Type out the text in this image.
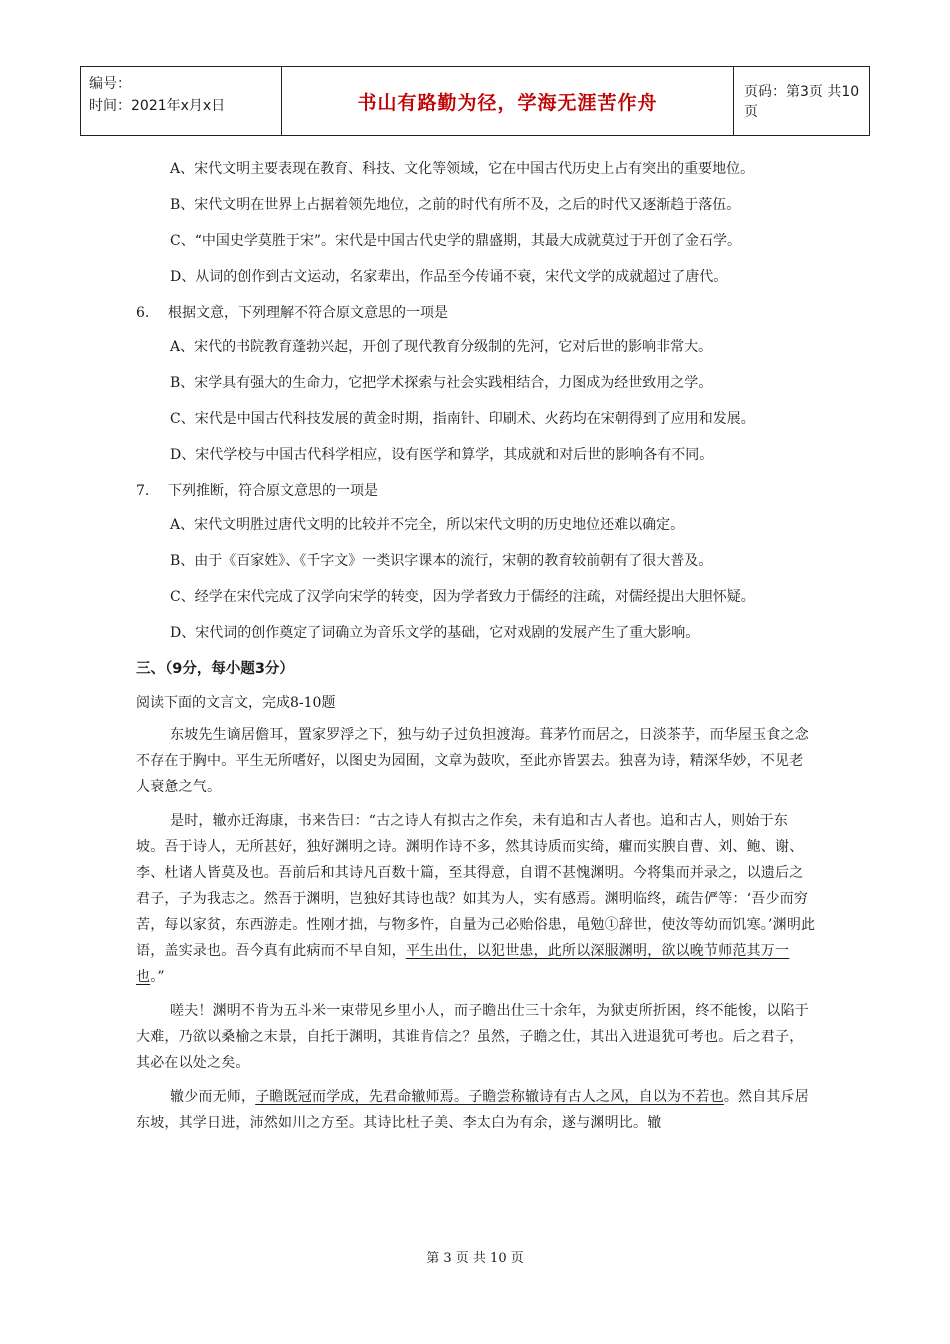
编号：
时间：2021年x月x日	书山有路勤为径，学海无涯苦作舟	页码：第3页 共10页

A、宋代文明主要表现在教育、科技、文化等领域，它在中国古代历史上占有突出的重要地位。

B、宋代文明在世界上占据着领先地位，之前的时代有所不及，之后的时代又逐渐趋于落伍。

C、“中国史学莫胜于宋”。宋代是中国古代史学的鼎盛期，其最大成就莫过于开创了金石学。

D、从词的创作到古文运动，名家辈出，作品至今传诵不衰，宋代文学的成就超过了唐代。

6. 根据文意，下列理解不符合原文意思的一项是

A、宋代的书院教育蓬勃兴起，开创了现代教育分级制的先河，它对后世的影响非常大。

B、宋学具有强大的生命力，它把学术探索与社会实践相结合，力图成为经世致用之学。

C、宋代是中国古代科技发展的黄金时期，指南针、印刷术、火药均在宋朝得到了应用和发展。

D、宋代学校与中国古代科学相应，设有医学和算学，其成就和对后世的影响各有不同。

7. 下列推断，符合原文意思的一项是

A、宋代文明胜过唐代文明的比较并不完全，所以宋代文明的历史地位还难以确定。

B、由于《百家姓》、《千字文》一类识字课本的流行，宋朝的教育较前朝有了很大普及。

C、经学在宋代完成了汉学向宋学的转变，因为学者致力于儒经的注疏，对儒经提出大胆怀疑。

D、宋代词的创作奠定了词确立为音乐文学的基础，它对戏剧的发展产生了重大影响。

三、（9分，每小题3分）

阅读下面的文言文，完成8-10题

东坡先生谪居儋耳，置家罗浮之下，独与幼子过负担渡海。葺茅竹而居之，日淡茶芋，而华屋玉食之念不存在于胸中。平生无所嗜好，以图史为园囿，文章为鼓吹，至此亦皆罢去。独喜为诗，精深华妙，不见老人衰惫之气。

是时，辙亦迁海康，书来告曰：“古之诗人有拟古之作矣，未有追和古人者也。追和古人，则始于东坡。吾于诗人，无所甚好，独好渊明之诗。渊明作诗不多，然其诗质而实绮，癯而实腴自曹、刘、鲍、谢、李、杜诸人皆莫及也。吾前后和其诗凡百数十篇，至其得意，自谓不甚愧渊明。今将集而并录之，以遗后之君子，子为我志之。然吾于渊明，岂独好其诗也哉？如其为人，实有感焉。渊明临终，疏告俨等：‘吾少而穷苦，每以家贫，东西游走。性刚才拙，与物多忤，自量为己必贻俗患，黾勉①辞世，使汝等幼而饥寒。’渊明此语，盖实录也。吾今真有此病而不早自知，平生出仕，以犯世患，此所以深服渊明，欲以晚节师范其万一也。”

嗟夫！渊明不肯为五斗米一束带见乡里小人，而子瞻出仕三十余年，为狱吏所折困，终不能悛，以陷于大难，乃欲以桑榆之末景，自托于渊明，其谁肯信之？虽然，子瞻之仕，其出入进退犹可考也。后之君子，其必在以处之矣。

辙少而无师，子瞻既冠而学成，先君命辙师焉。子瞻尝称辙诗有古人之风，自以为不若也。然自其斥居东坡，其学日进，沛然如川之方至。其诗比杜子美、李太白为有余，遂与渊明比。辙

第 3 页 共 10 页
